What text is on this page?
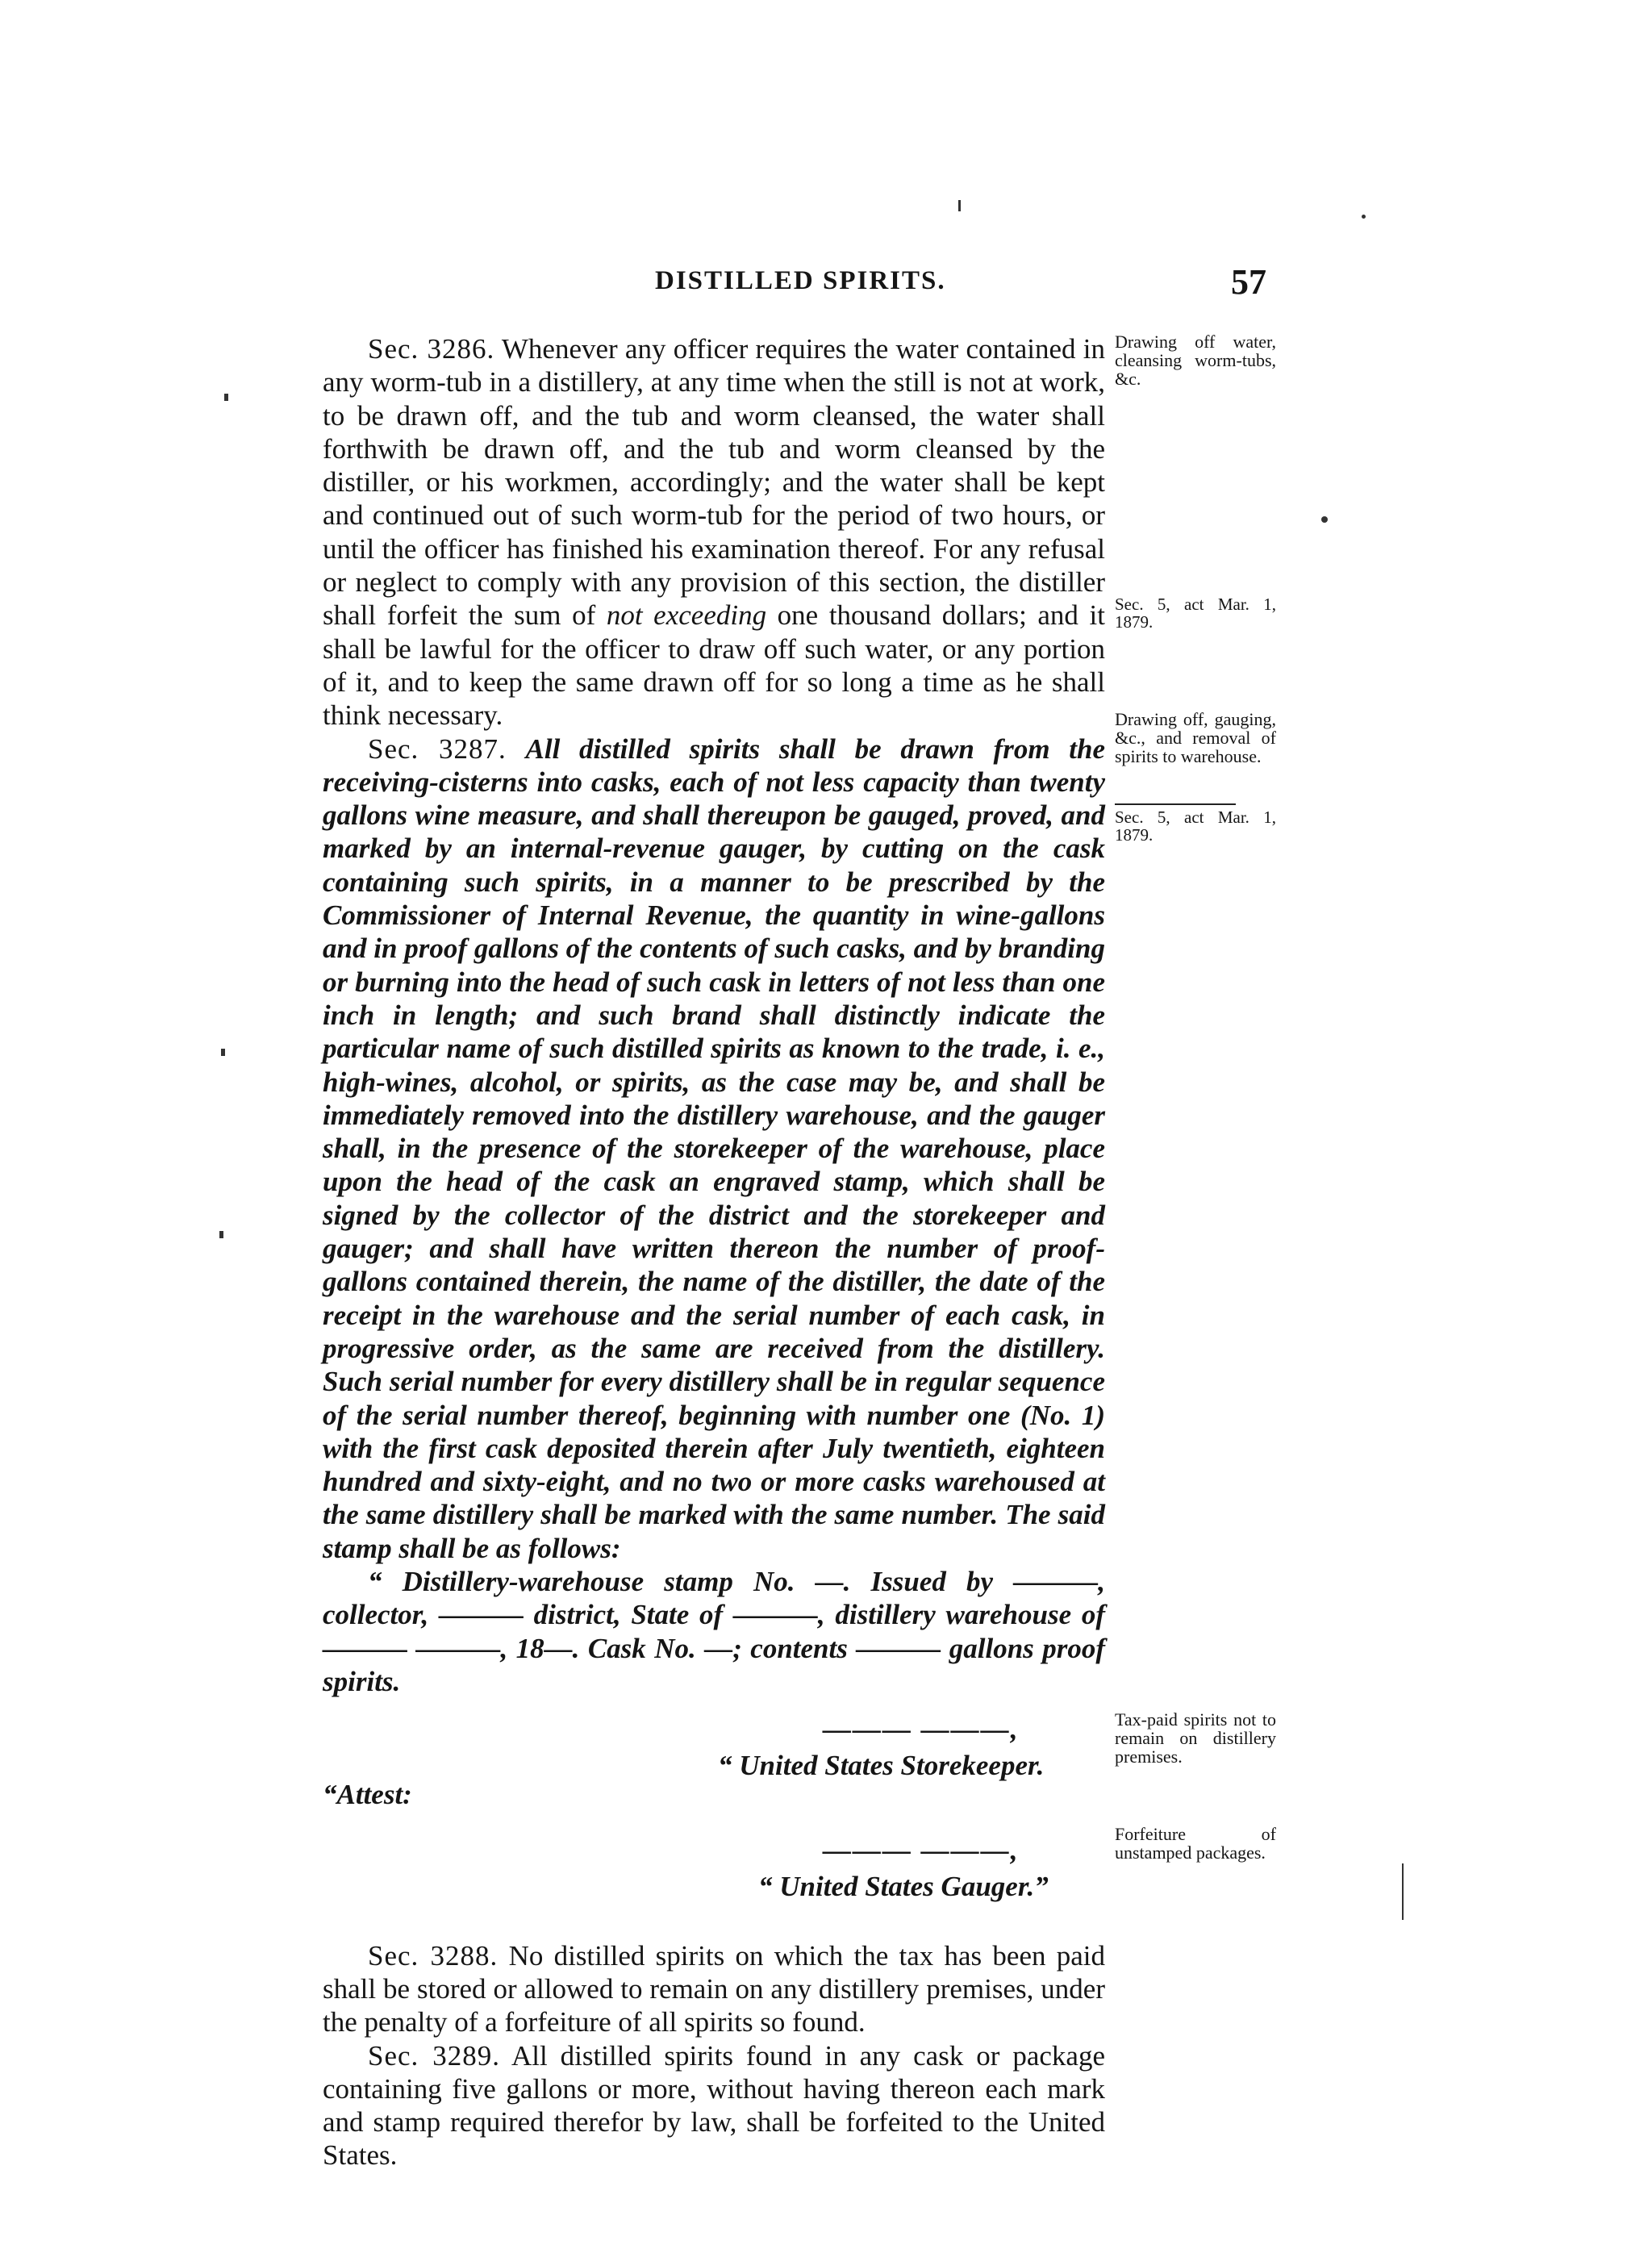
DISTILLED SPIRITS.	57

Sec. 3286. Whenever any officer requires the water contained in any worm-tub in a distillery, at any time when the still is not at work, to be drawn off, and the tub and worm cleansed, the water shall forthwith be drawn off, and the tub and worm cleansed by the distiller, or his workmen, accordingly; and the water shall be kept and continued out of such worm-tub for the period of two hours, or until the officer has finished his examination thereof. For any refusal or neglect to comply with any provision of this section, the distiller shall forfeit the sum of not exceeding one thousand dollars; and it shall be lawful for the officer to draw off such water, or any portion of it, and to keep the same drawn off for so long a time as he shall think necessary.

Sec. 3287. All distilled spirits shall be drawn from the receiving-cisterns into casks, each of not less capacity than twenty gallons wine measure, and shall thereupon be gauged, proved, and marked by an internal-revenue gauger, by cutting on the cask containing such spirits, in a manner to be prescribed by the Commissioner of Internal Revenue, the quantity in wine-gallons and in proof gallons of the contents of such casks, and by branding or burning into the head of such cask in letters of not less than one inch in length; and such brand shall distinctly indicate the particular name of such distilled spirits as known to the trade, i. e., high-wines, alcohol, or spirits, as the case may be, and shall be immediately removed into the distillery warehouse, and the gauger shall, in the presence of the storekeeper of the warehouse, place upon the head of the cask an engraved stamp, which shall be signed by the collector of the district and the storekeeper and gauger; and shall have written thereon the number of proof-gallons contained therein, the name of the distiller, the date of the receipt in the warehouse and the serial number of each cask, in progressive order, as the same are received from the distillery. Such serial number for every distillery shall be in regular sequence of the serial number thereof, beginning with number one (No. 1) with the first cask deposited therein after July twentieth, eighteen hundred and sixty-eight, and no two or more casks warehoused at the same distillery shall be marked with the same number. The said stamp shall be as follows:

“ Distillery-warehouse stamp No. —. Issued by ———, collector, ——— district, State of ———, distillery warehouse of ——— ———, 18—. Cask No. —; contents ——— gallons proof spirits.

——— ———,
“ United States Storekeeper.
“Attest:
——— ———,
“ United States Gauger.”

Sec. 3288. No distilled spirits on which the tax has been paid shall be stored or allowed to remain on any distillery premises, under the penalty of a forfeiture of all spirits so found.

Sec. 3289. All distilled spirits found in any cask or package containing five gallons or more, without having thereon each mark and stamp required therefor by law, shall be forfeited to the United States.

Drawing off water, cleansing worm-tubs, &c.
Sec. 5, act Mar. 1, 1879.
Drawing off, gauging, &c., and removal of spirits to warehouse.
Sec. 5, act Mar. 1, 1879.
Tax-paid spirits not to remain on distillery premises.
Forfeiture of unstamped packages.
